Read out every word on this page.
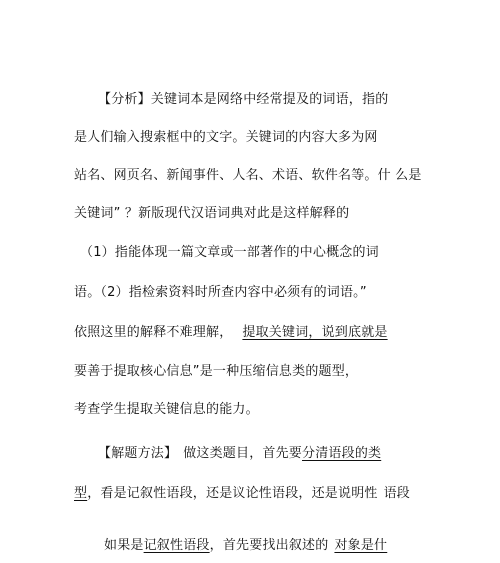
【分析】关键词本是网络中经常提及的词语，指的
是人们输入搜索框中的文字。关键词的内容大多为网
站名、网页名、新闻事件、人名、术语、软件名等。什 么是
关键词” ？新版现代汉语词典对此是这样解释的
（1）指能体现一篇文章或一部著作的中心概念的词
语。（2）指检索资料时所查内容中必须有的词语。”
依照这里的解释不难理解， 提取关键词，说到底就是
要善于提取核心信息”是一种压缩信息类的题型，
考查学生提取关键信息的能力。
【解题方法】 做这类题目，首先要分清语段的类
型，看是记叙性语段，还是议论性语段，还是说明性 语段
如果是记叙性语段，首先要找出叙述的 对象是什
